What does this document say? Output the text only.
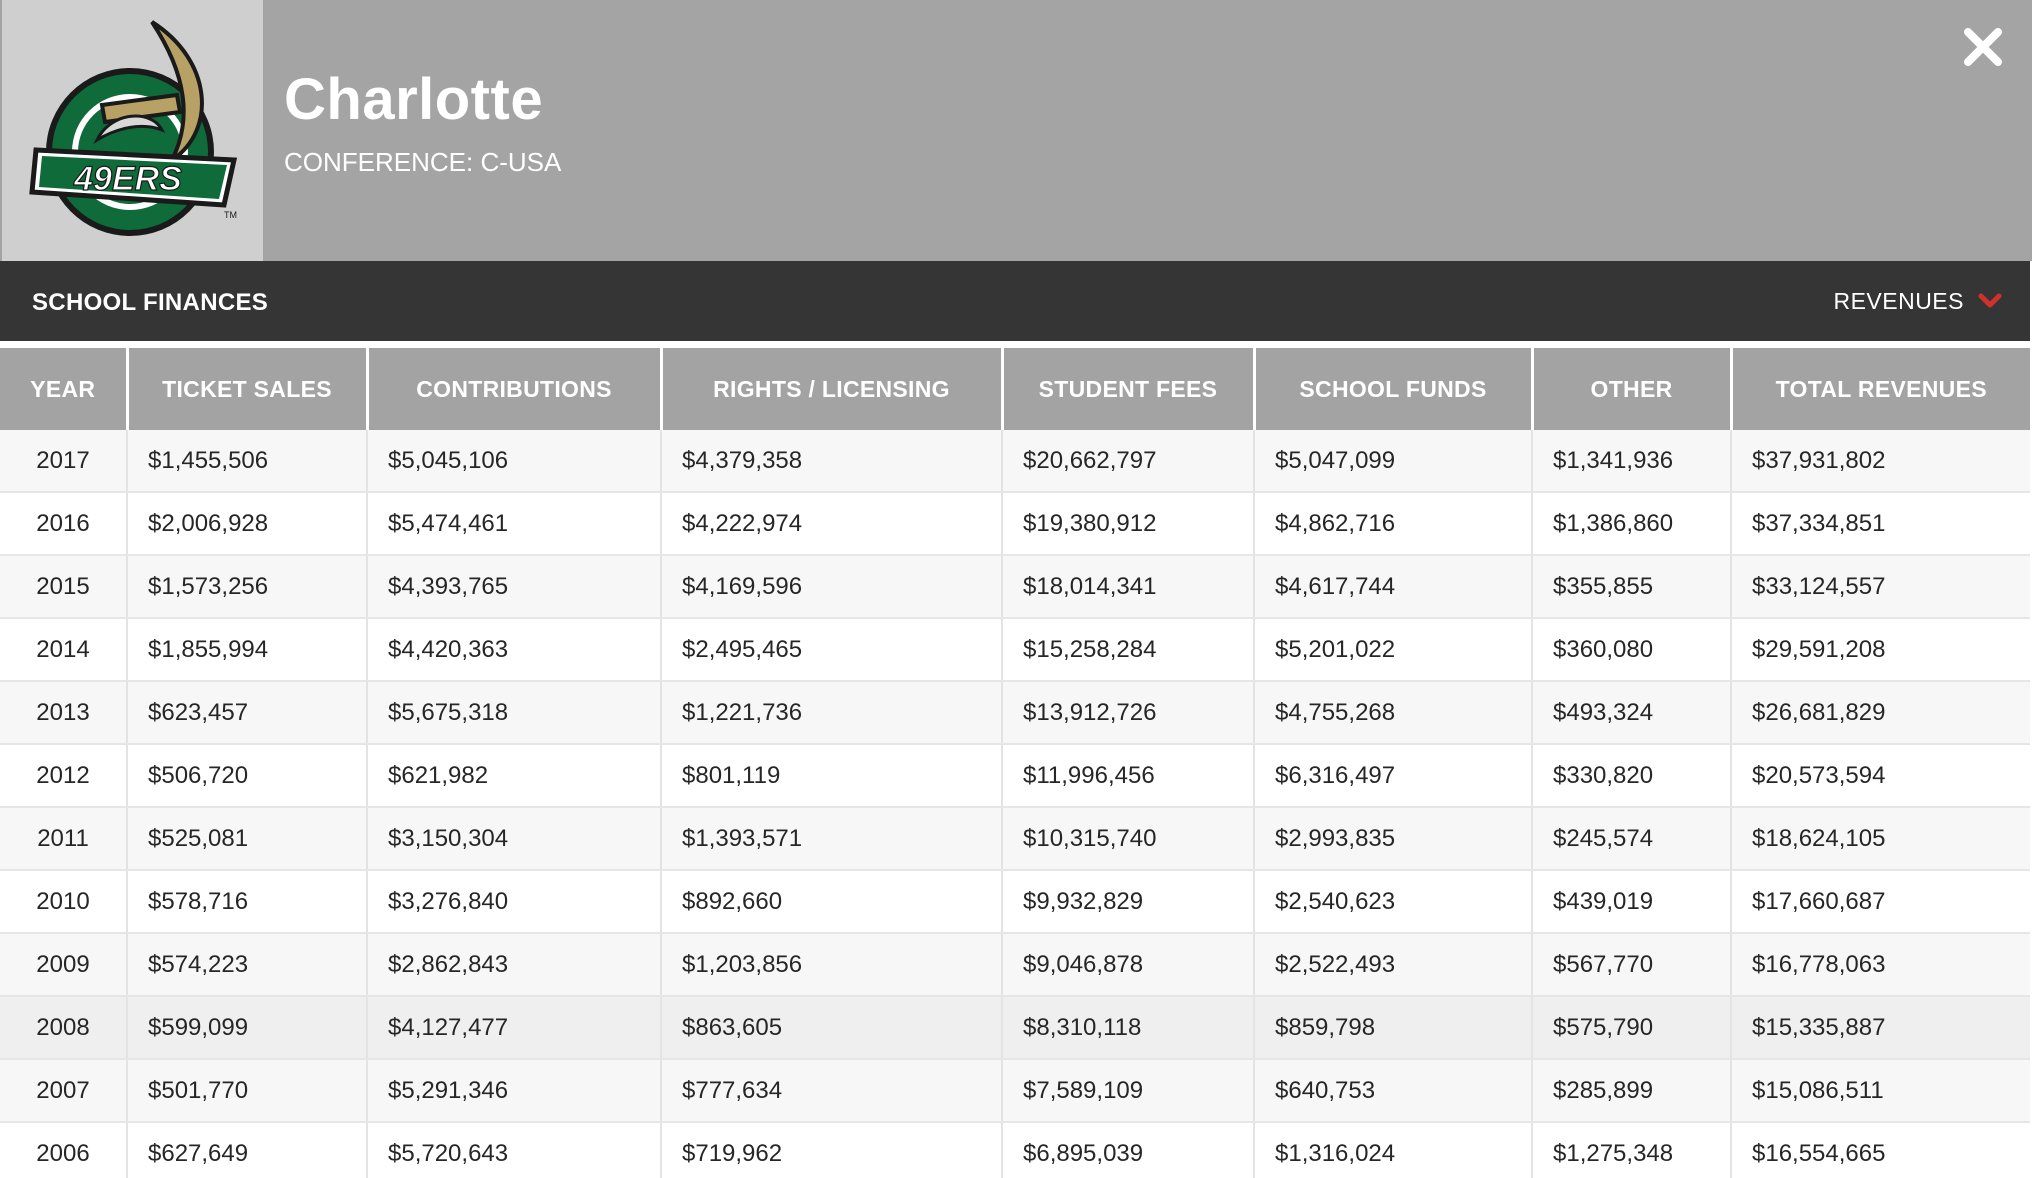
49ERS
TM
Charlotte
CONFERENCE: C-USA
SCHOOL FINANCES	REVENUES
YEAR	TICKET SALES	CONTRIBUTIONS	RIGHTS / LICENSING	STUDENT FEES	SCHOOL FUNDS	OTHER	TOTAL REVENUES
2017	$1,455,506	$5,045,106	$4,379,358	$20,662,797	$5,047,099	$1,341,936	$37,931,802
2016	$2,006,928	$5,474,461	$4,222,974	$19,380,912	$4,862,716	$1,386,860	$37,334,851
2015	$1,573,256	$4,393,765	$4,169,596	$18,014,341	$4,617,744	$355,855	$33,124,557
2014	$1,855,994	$4,420,363	$2,495,465	$15,258,284	$5,201,022	$360,080	$29,591,208
2013	$623,457	$5,675,318	$1,221,736	$13,912,726	$4,755,268	$493,324	$26,681,829
2012	$506,720	$621,982	$801,119	$11,996,456	$6,316,497	$330,820	$20,573,594
2011	$525,081	$3,150,304	$1,393,571	$10,315,740	$2,993,835	$245,574	$18,624,105
2010	$578,716	$3,276,840	$892,660	$9,932,829	$2,540,623	$439,019	$17,660,687
2009	$574,223	$2,862,843	$1,203,856	$9,046,878	$2,522,493	$567,770	$16,778,063
2008	$599,099	$4,127,477	$863,605	$8,310,118	$859,798	$575,790	$15,335,887
2007	$501,770	$5,291,346	$777,634	$7,589,109	$640,753	$285,899	$15,086,511
2006	$627,649	$5,720,643	$719,962	$6,895,039	$1,316,024	$1,275,348	$16,554,665
